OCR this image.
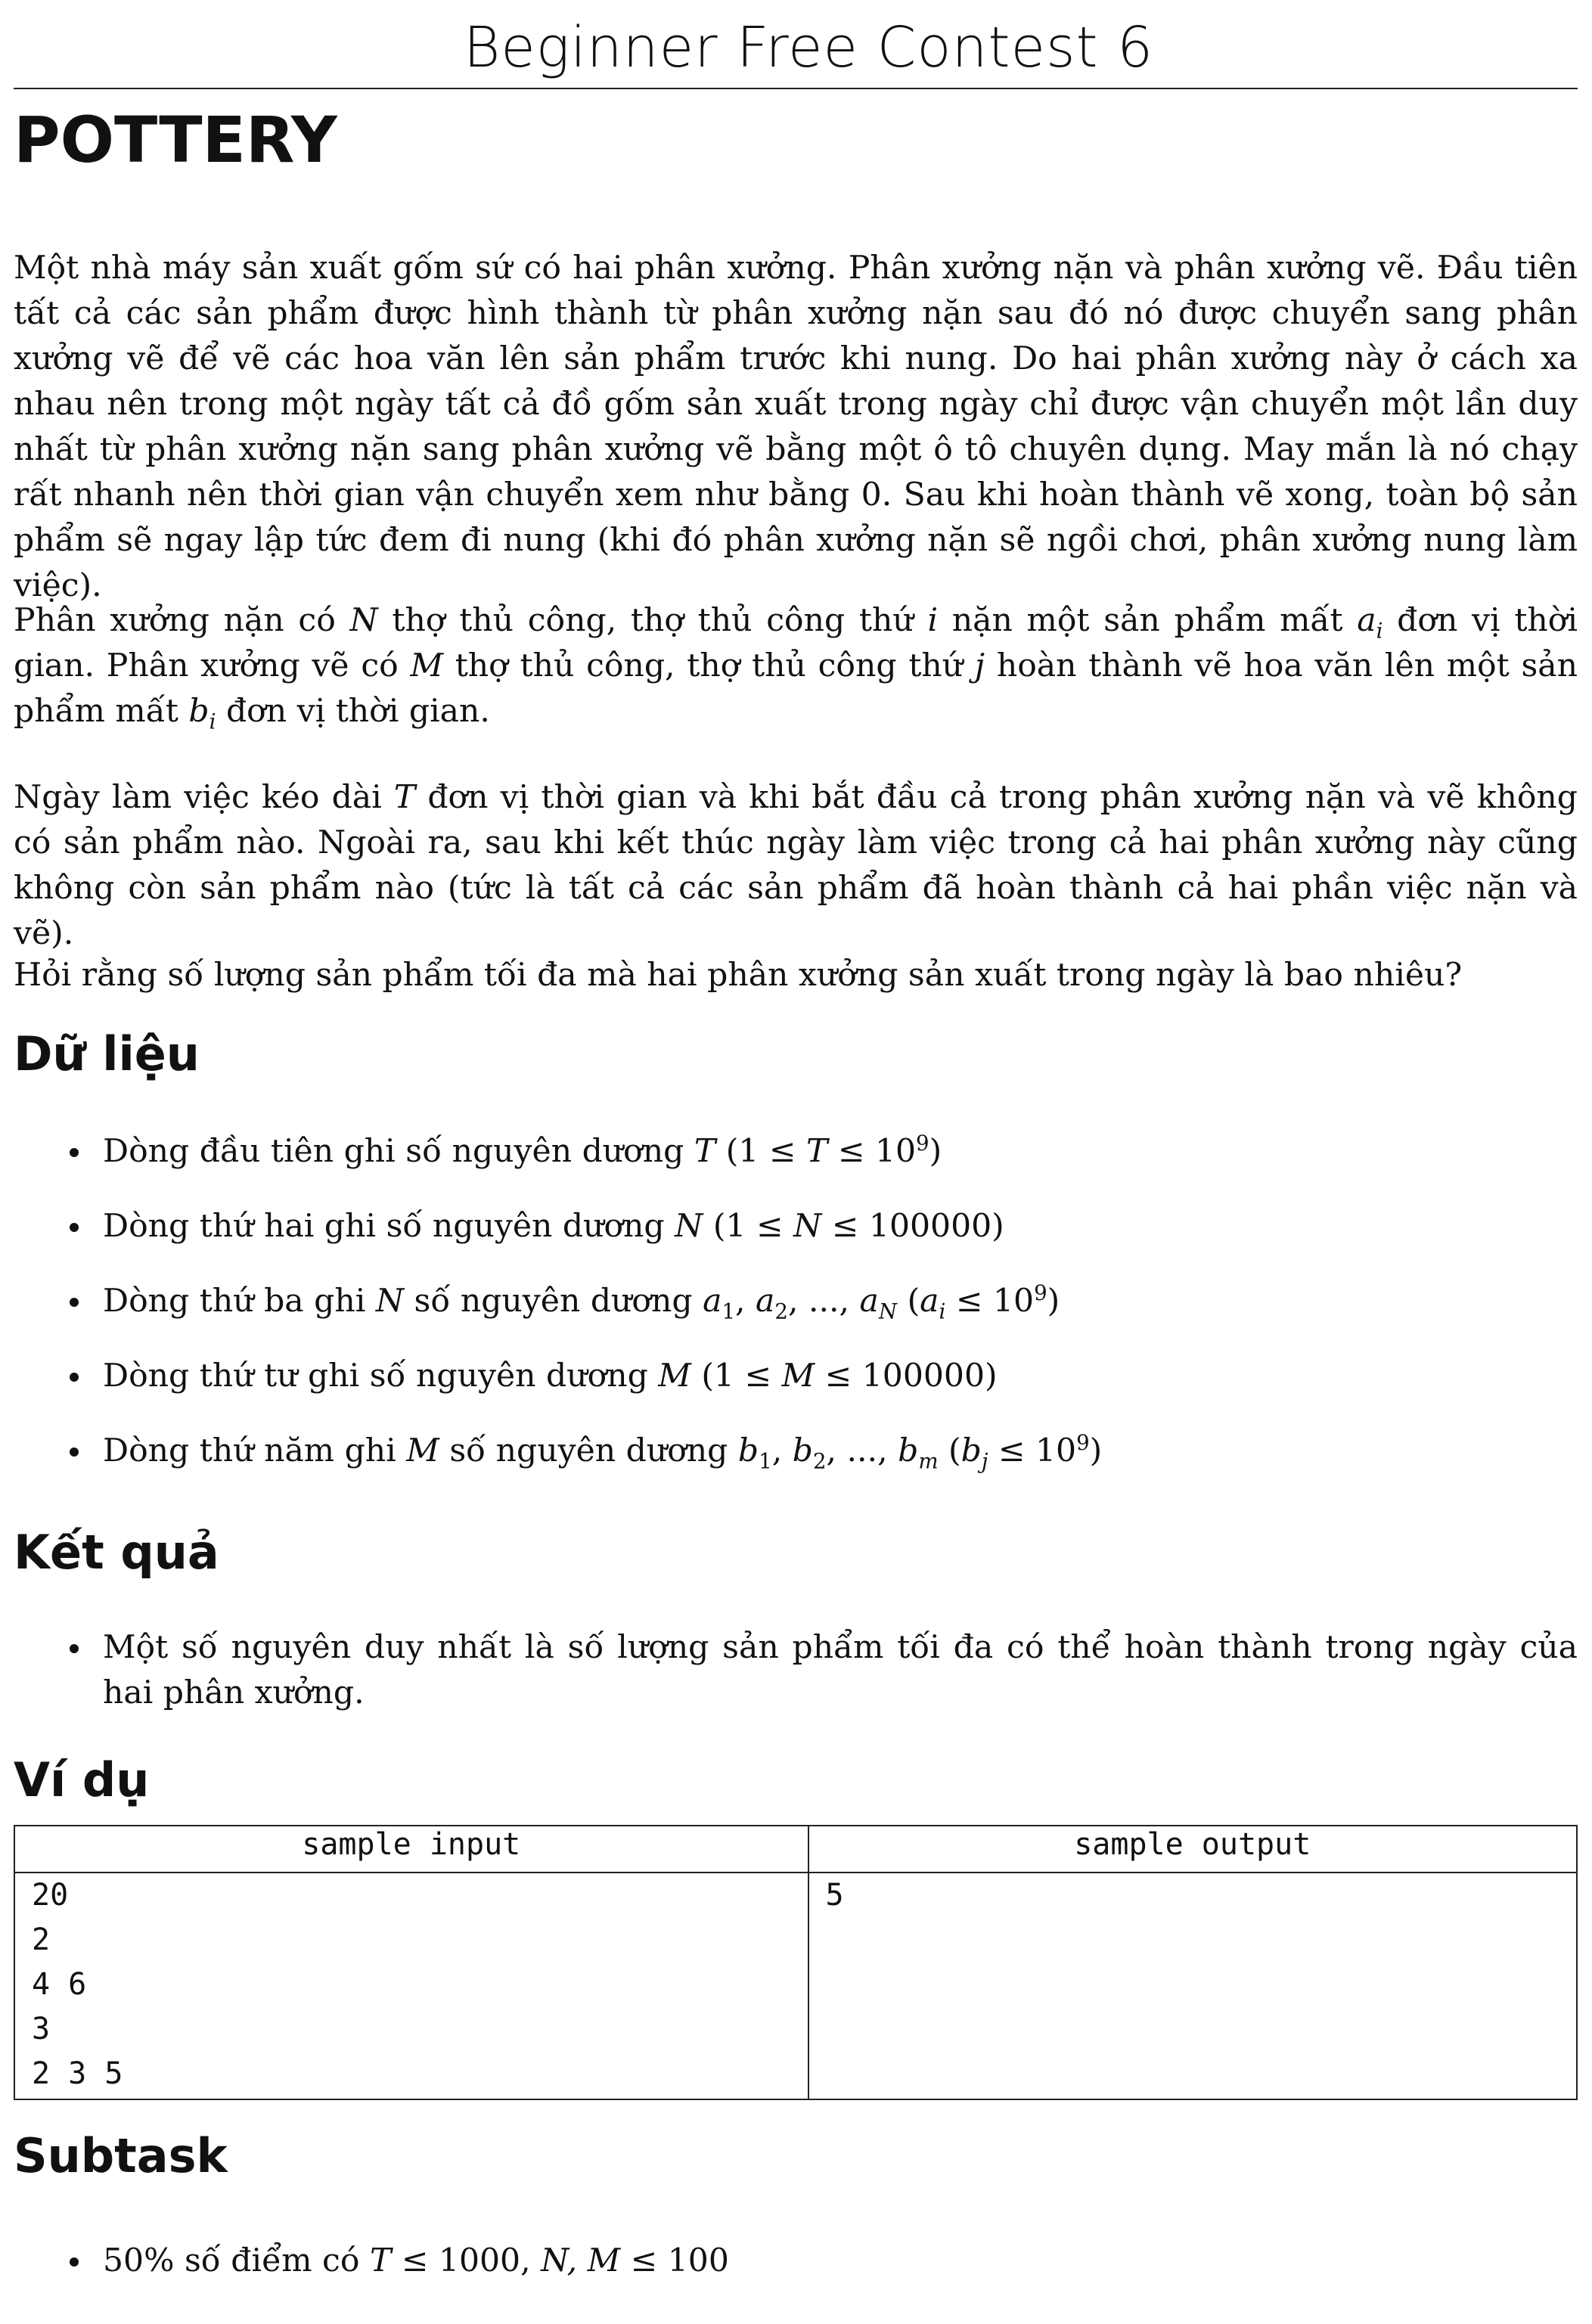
Beginner Free Contest 6
POTTERY

Một nhà máy sản xuất gốm sứ có hai phân xưởng. Phân xưởng nặn và phân xưởng vẽ. Đầu tiên tất cả các sản phẩm được hình thành từ phân xưởng nặn sau đó nó được chuyển sang phân xưởng vẽ để vẽ các hoa văn lên sản phẩm trước khi nung. Do hai phân xưởng này ở cách xa nhau nên trong một ngày tất cả đồ gốm sản xuất trong ngày chỉ được vận chuyển một lần duy nhất từ phân xưởng nặn sang phân xưởng vẽ bằng một ô tô chuyên dụng. May mắn là nó chạy rất nhanh nên thời gian vận chuyển xem như bằng 0. Sau khi hoàn thành vẽ xong, toàn bộ sản phẩm sẽ ngay lập tức đem đi nung (khi đó phân xưởng nặn sẽ ngồi chơi, phân xưởng nung làm việc).

Phân xưởng nặn có N thợ thủ công, thợ thủ công thứ i nặn một sản phẩm mất $a_i$ đơn vị thời gian. Phân xưởng vẽ có M thợ thủ công, thợ thủ công thứ j hoàn thành vẽ hoa văn lên một sản phẩm mất $b_i$ đơn vị thời gian.

Ngày làm việc kéo dài T đơn vị thời gian và khi bắt đầu cả trong phân xưởng nặn và vẽ không có sản phẩm nào. Ngoài ra, sau khi kết thúc ngày làm việc trong cả hai phân xưởng này cũng không còn sản phẩm nào (tức là tất cả các sản phẩm đã hoàn thành cả hai phần việc nặn và vẽ).

Hỏi rằng số lượng sản phẩm tối đa mà hai phân xưởng sản xuất trong ngày là bao nhiêu?

Dữ liệu
Dòng đầu tiên ghi số nguyên dương T $(1 \le T \le 10^9)$
Dòng thứ hai ghi số nguyên dương N (1 ≤ N ≤ 100000)
Dòng thứ ba ghi N số nguyên dương $a_1$, $a_2$, ..., $a_N$ $(a_i \le 10^9)$
Dòng thứ tư ghi số nguyên dương M (1 ≤ M ≤ 100000)
Dòng thứ năm ghi M số nguyên dương $b_1$, $b_2$, ..., $b_m$ $(b_j \le 10^9)$
Kết quả
Một số nguyên duy nhất là số lượng sản phẩm tối đa có thể hoàn thành trong ngày của hai phân xưởng.
Ví dụ
sample input	sample output

20
2
4 6
3
2 3 5	5
Subtask
50% số điểm có T ≤ 1000, N, M ≤ 100
